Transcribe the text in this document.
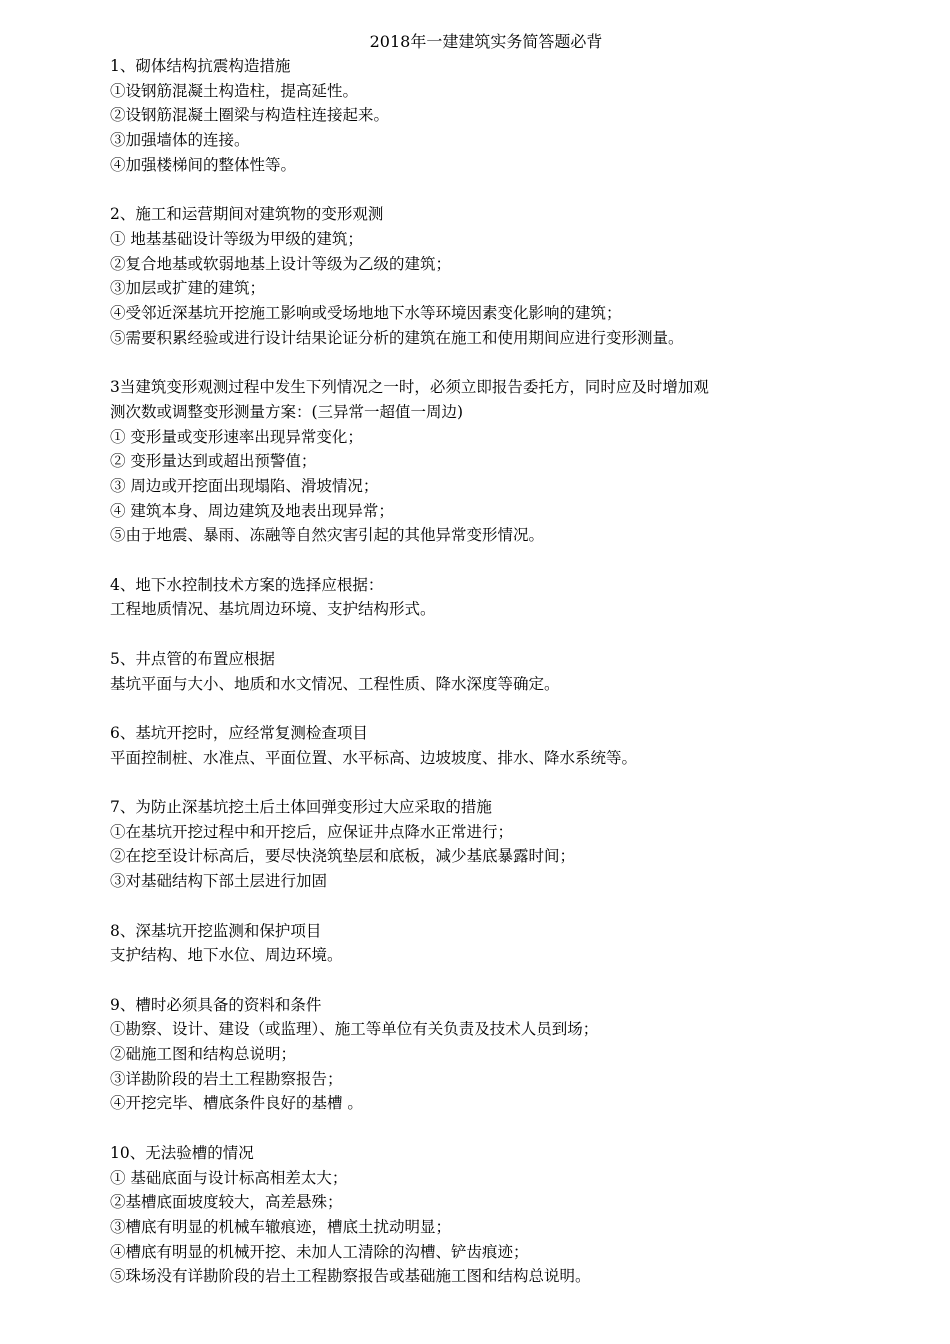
2018年一建建筑实务简答题必背
1、砌体结构抗震构造措施
①设钢筋混凝土构造柱，提高延性。
②设钢筋混凝土圈梁与构造柱连接起来。
③加强墙体的连接。
④加强楼梯间的整体性等。
2、施工和运营期间对建筑物的变形观测
① 地基基础设计等级为甲级的建筑；
②复合地基或软弱地基上设计等级为乙级的建筑；
③加层或扩建的建筑；
④受邻近深基坑开挖施工影响或受场地地下水等环境因素变化影响的建筑；
⑤需要积累经验或进行设计结果论证分析的建筑在施工和使用期间应进行变形测量。
3当建筑变形观测过程中发生下列情况之一时，必须立即报告委托方，同时应及时增加观
测次数或调整变形测量方案：(三异常一超值一周边)
① 变形量或变形速率出现异常变化；
② 变形量达到或超出预警值；
③ 周边或开挖面出现塌陷、滑坡情况；
④ 建筑本身、周边建筑及地表出现异常；
⑤由于地震、暴雨、冻融等自然灾害引起的其他异常变形情况。
4、地下水控制技术方案的选择应根据：
工程地质情况、基坑周边环境、支护结构形式。
5、井点管的布置应根据
基坑平面与大小、地质和水文情况、工程性质、降水深度等确定。
6、基坑开挖时，应经常复测检查项目
平面控制桩、水准点、平面位置、水平标高、边坡坡度、排水、降水系统等。
7、为防止深基坑挖土后土体回弹变形过大应采取的措施
①在基坑开挖过程中和开挖后，应保证井点降水正常进行；
②在挖至设计标高后，要尽快浇筑垫层和底板，减少基底暴露时间；
③对基础结构下部土层进行加固
8、深基坑开挖监测和保护项目
支护结构、地下水位、周边环境。
9、槽时必须具备的资料和条件
①勘察、设计、建设（或监理）、施工等单位有关负责及技术人员到场；
②础施工图和结构总说明；
③详勘阶段的岩土工程勘察报告；
④开挖完毕、槽底条件良好的基槽 。
10、无法验槽的情况
① 基础底面与设计标高相差太大；
②基槽底面坡度较大，高差悬殊；
③槽底有明显的机械车辙痕迹，槽底土扰动明显；
④槽底有明显的机械开挖、未加人工清除的沟槽、铲齿痕迹；
⑤珠场没有详勘阶段的岩土工程勘察报告或基础施工图和结构总说明。
